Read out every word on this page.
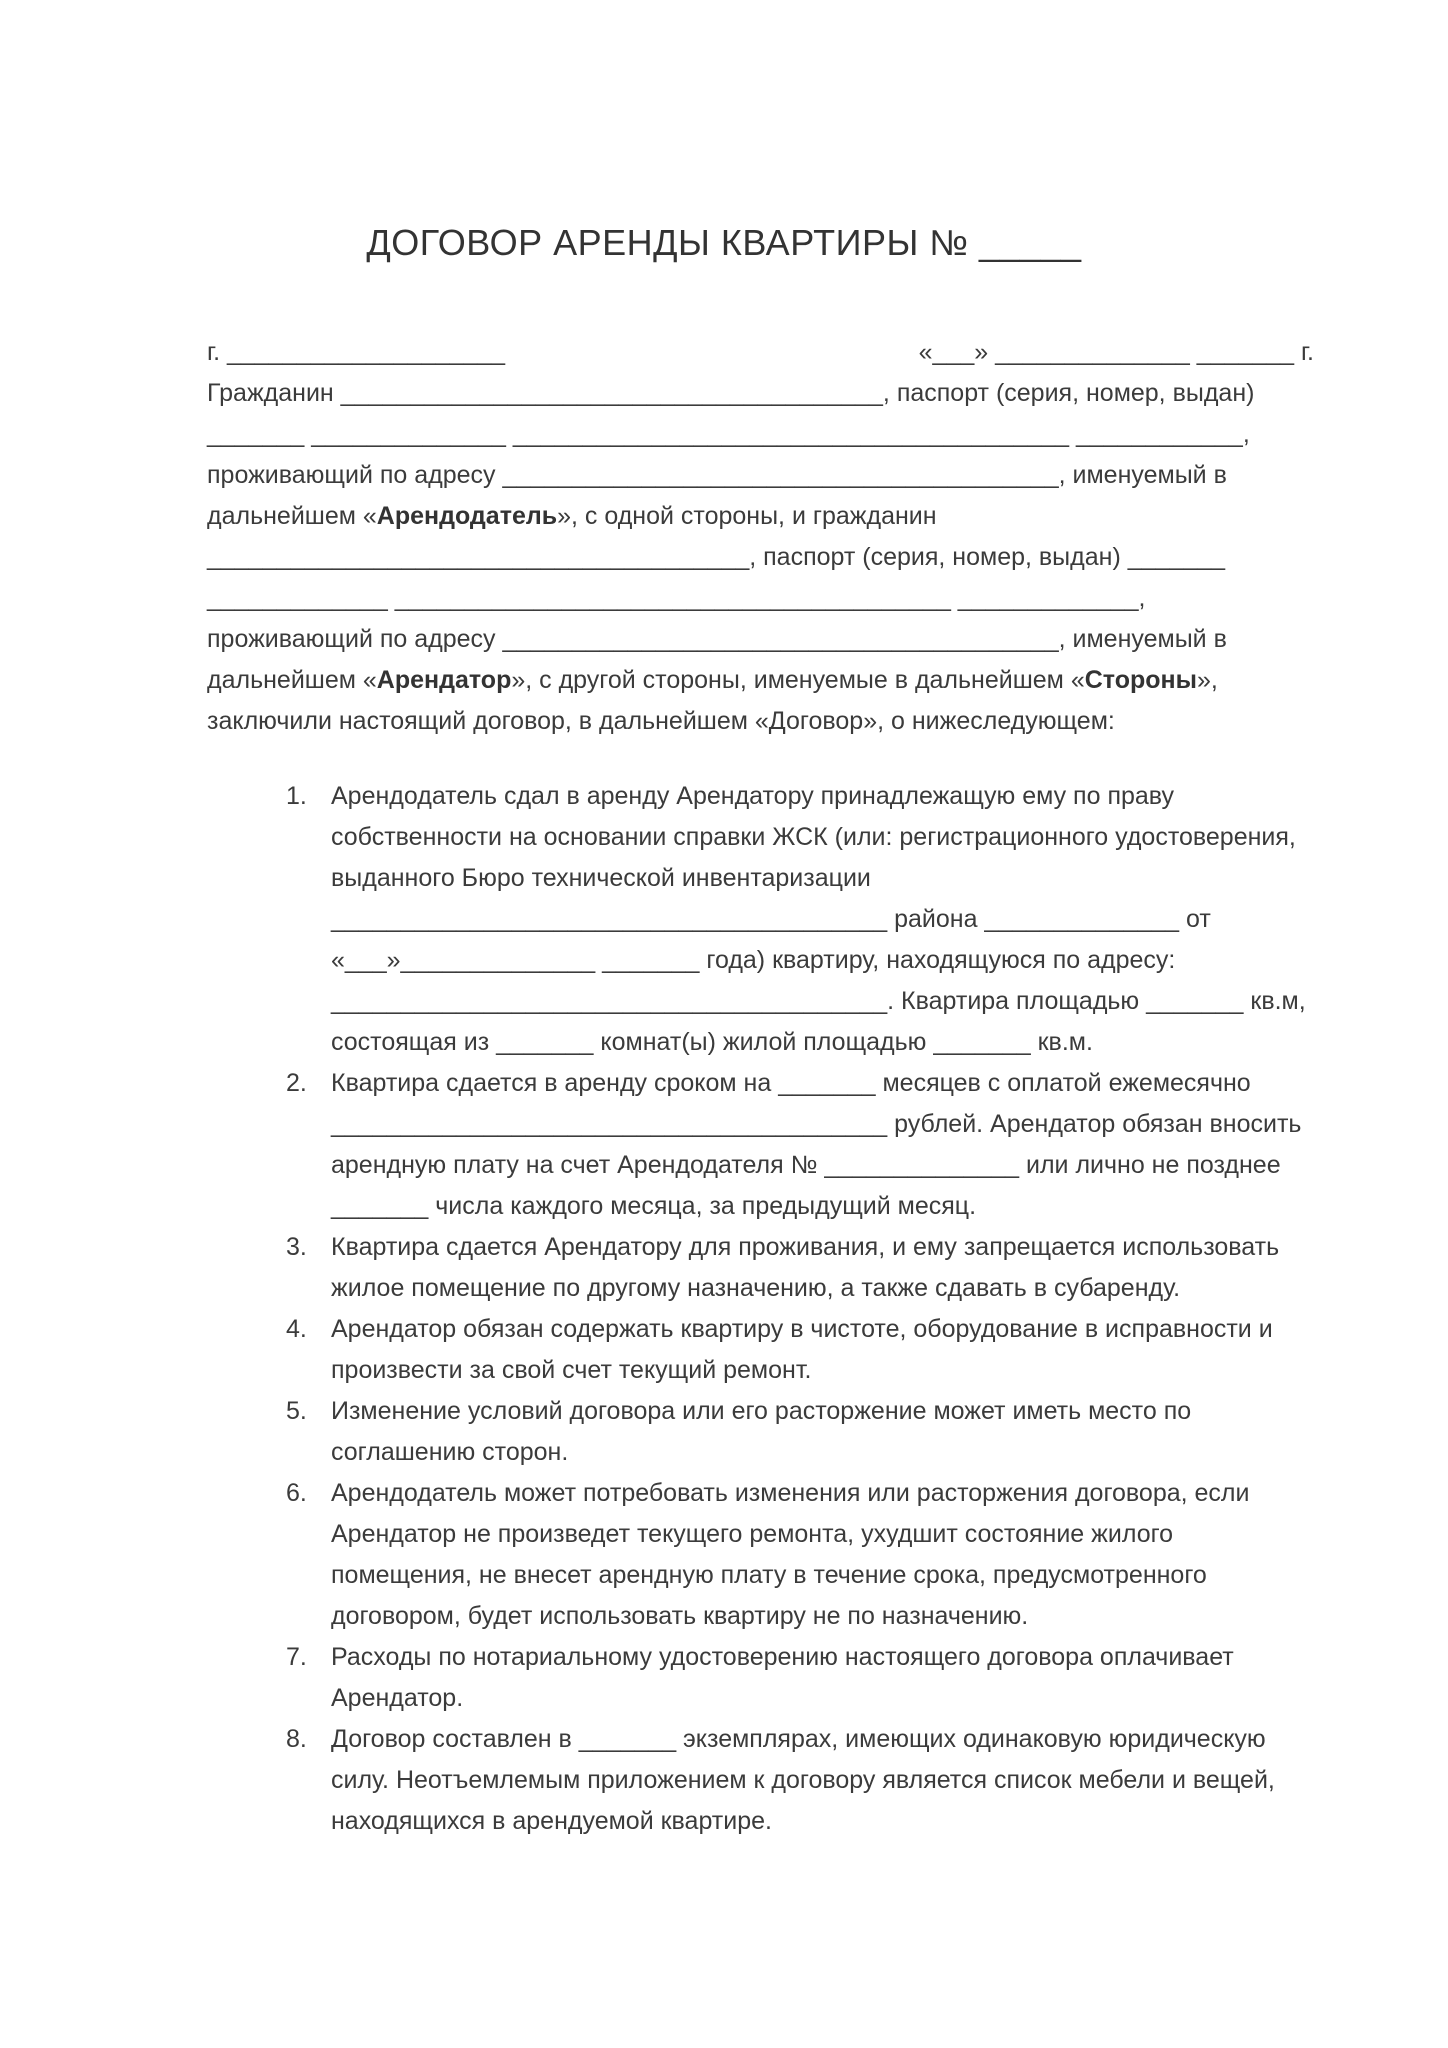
ДОГОВОР АРЕНДЫ КВАРТИРЫ № _____
г. ____________________	«___» ______________ _______ г.
Гражданин _______________________________________, паспорт (серия, номер, выдан)
_______ ______________ ________________________________________ ____________,
проживающий по адресу ________________________________________, именуемый в
дальнейшем «Арендодатель», с одной стороны, и гражданин
_______________________________________, паспорт (серия, номер, выдан) _______
_____________ ________________________________________ _____________,
проживающий по адресу ________________________________________, именуемый в
дальнейшем «Арендатор», с другой стороны, именуемые в дальнейшем «Стороны»,
заключили настоящий договор, в дальнейшем «Договор», о нижеследующем:
1. Арендодатель сдал в аренду Арендатору принадлежащую ему по праву
собственности на основании справки ЖСК (или: регистрационного удостоверения,
выданного Бюро технической инвентаризации
________________________________________ района ______________ от
«___»______________ _______ года) квартиру, находящуюся по адресу:
________________________________________. Квартира площадью _______ кв.м,
состоящая из _______ комнат(ы) жилой площадью _______ кв.м.
2. Квартира сдается в аренду сроком на _______ месяцев с оплатой ежемесячно
________________________________________ рублей. Арендатор обязан вносить
арендную плату на счет Арендодателя № ______________ или лично не позднее
_______ числа каждого месяца, за предыдущий месяц.
3. Квартира сдается Арендатору для проживания, и ему запрещается использовать
жилое помещение по другому назначению, а также сдавать в субаренду.
4. Арендатор обязан содержать квартиру в чистоте, оборудование в исправности и
произвести за свой счет текущий ремонт.
5. Изменение условий договора или его расторжение может иметь место по
соглашению сторон.
6. Арендодатель может потребовать изменения или расторжения договора, если
Арендатор не произведет текущего ремонта, ухудшит состояние жилого
помещения, не внесет арендную плату в течение срока, предусмотренного
договором, будет использовать квартиру не по назначению.
7. Расходы по нотариальному удостоверению настоящего договора оплачивает
Арендатор.
8. Договор составлен в _______ экземплярах, имеющих одинаковую юридическую
силу. Неотъемлемым приложением к договору является список мебели и вещей,
находящихся в арендуемой квартире.
